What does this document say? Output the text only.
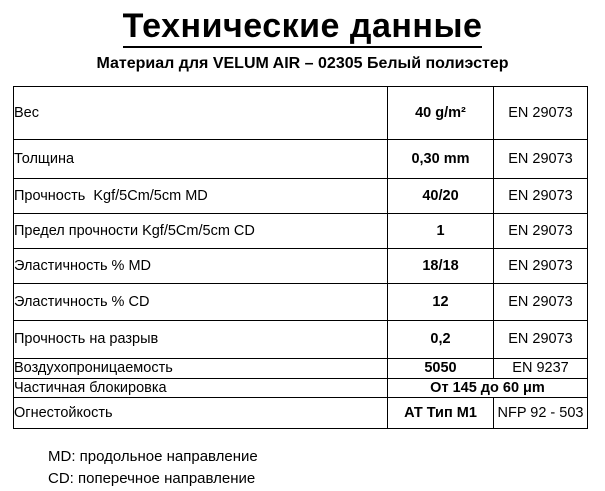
Технические данные
Материал для VELUM AIR – 02305 Белый полиэстер
Вес	40 g/m²	EN 29073
Толщина	0,30 mm	EN 29073
Прочность  Kgf/5Cm/5cm MD	40/20	EN 29073
Предел прочности Kgf/5Cm/5cm CD	1	EN 29073
Эластичность % MD	18/18	EN 29073
Эластичность % CD	12	EN 29073
Прочность на разрыв	0,2	EN 29073
Воздухопроницаемость	5050	EN 9237
Частичная блокировка	От 145 до 60 μm	
Огнестойкость	АТ Тип М1	NFP 92 - 503
MD: продольное направление
CD: поперечное направление
